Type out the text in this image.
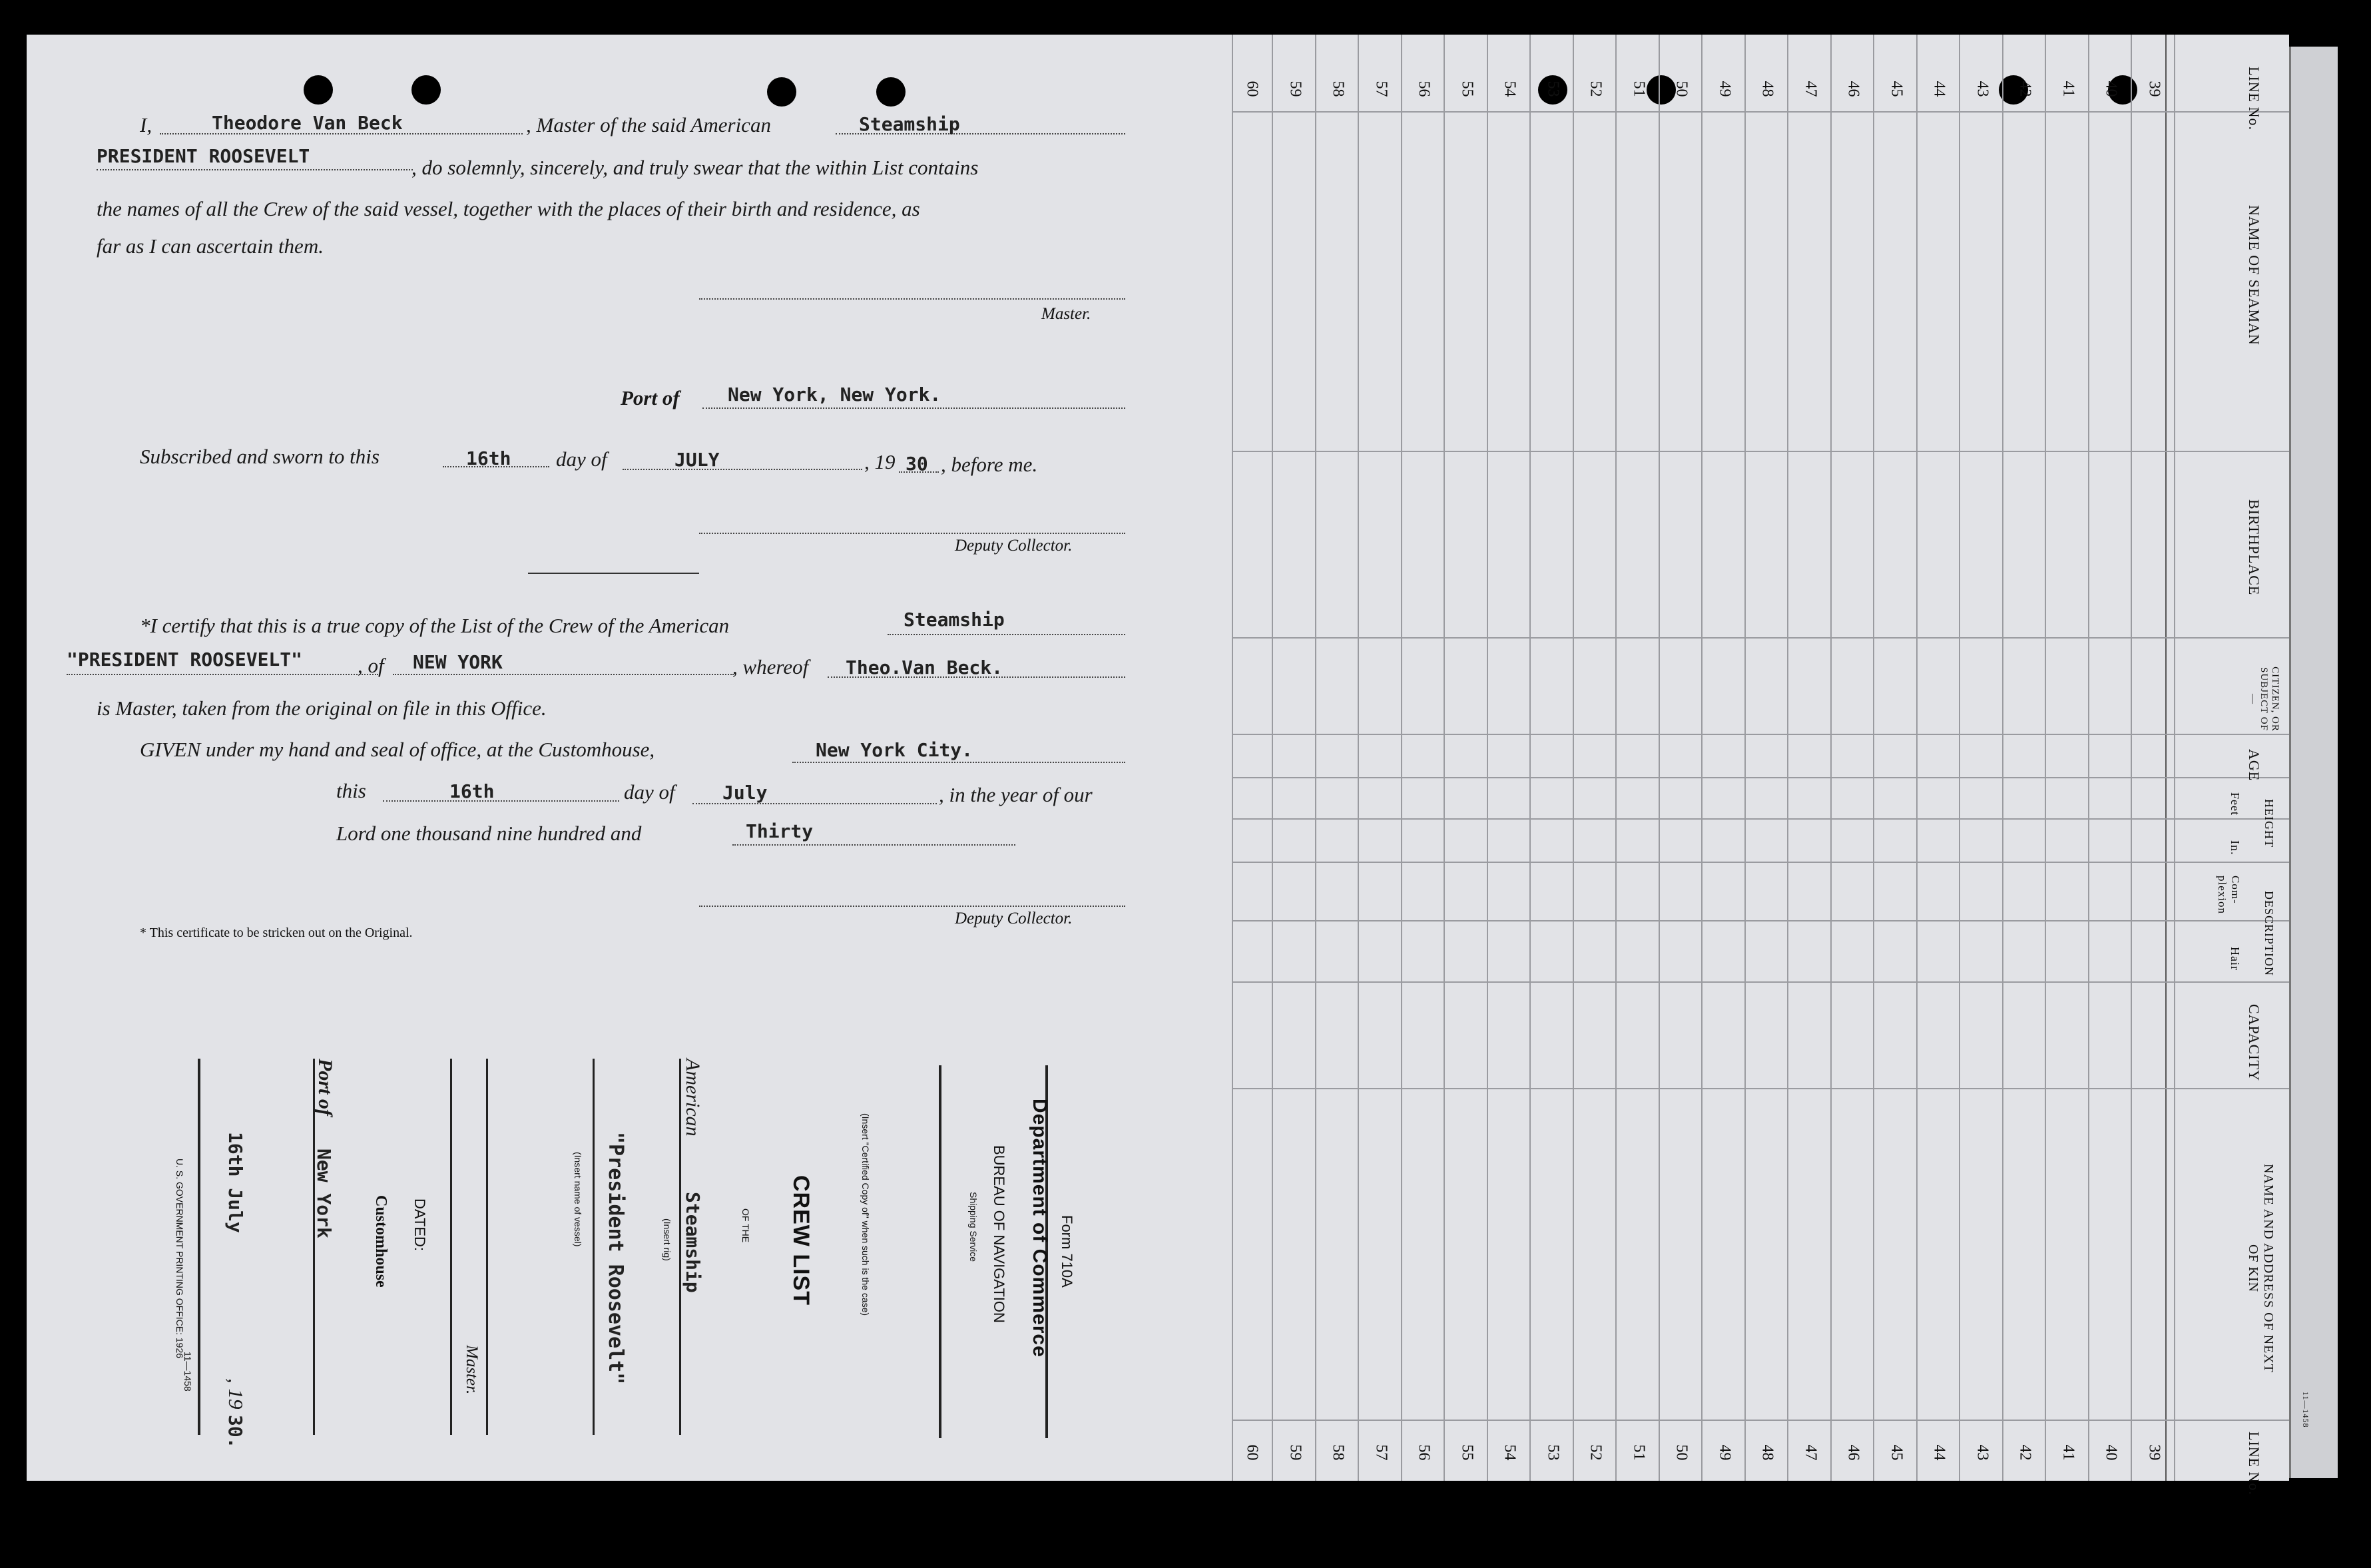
I,	Theodore Van Beck	, Master of the said American	Steamship
PRESIDENT ROOSEVELT	, do solemnly, sincerely, and truly swear that the within List contains
the names of all the Crew of the said vessel, together with the places of their birth and residence, as
far as I can ascertain them.
Master.
Port of	New York, New York.
Subscribed and sworn to this	16th day of	JULY	, 19 30 , before me.
Deputy Collector.
*I certify that this is a true copy of the List of the Crew of the American	Steamship
"PRESIDENT ROOSEVELT"	, of NEW YORK	, whereof Theo.Van Beck.
is Master, taken from the original on file in this Office.
GIVEN under my hand and seal of office, at the Customhouse,	New York City.
this	16th	day of	July	, in the year of our
Lord one thousand nine hundred and	Thirty
Deputy Collector.
* This certificate to be stricken out on the Original.
Form 710A
Department of Commerce
BUREAU OF NAVIGATION
Shipping Service
(Insert "Certified Copy of" when such is the case)
CREW LIST
OF THE
American
Steamship
(Insert rig)
"President Roosevelt"
(Insert name of vessel)
Master.
DATED:
Customhouse
Port of
New York
16th July
, 19
30.
U. S. GOVERNMENT PRINTING OFFICE: 1926
11—1458
60 59 58 57 56 55 54 53 52 51 50 49 48 47 46 45 44 43 42 41 40 39
60 59 58 57 56 55 54 53 52 51 50 49 48 47 46 45 44 43 42 41 40 39
LINE No.
NAME OF SEAMAN
BIRTHPLACE
CITIZEN, OR SUBJECT OF—
AGE
HEIGHT
Feet
In.
DESCRIPTION
Com- plexion
Hair
CAPACITY
NAME AND ADDRESS OF NEXT OF KIN
LINE No.
11—1458
